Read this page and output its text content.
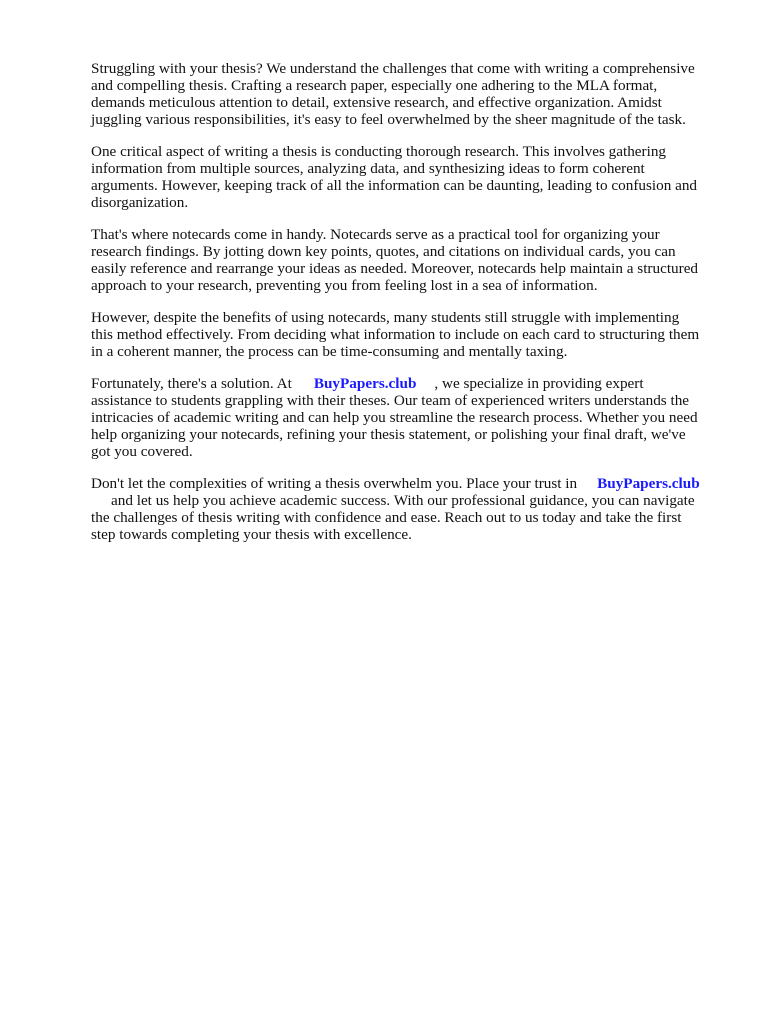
Struggling with your thesis? We understand the challenges that come with writing a comprehensive
and compelling thesis. Crafting a research paper, especially one adhering to the MLA format,
demands meticulous attention to detail, extensive research, and effective organization. Amidst
juggling various responsibilities, it's easy to feel overwhelmed by the sheer magnitude of the task.

One critical aspect of writing a thesis is conducting thorough research. This involves gathering
information from multiple sources, analyzing data, and synthesizing ideas to form coherent
arguments. However, keeping track of all the information can be daunting, leading to confusion and
disorganization.

That's where notecards come in handy. Notecards serve as a practical tool for organizing your
research findings. By jotting down key points, quotes, and citations on individual cards, you can
easily reference and rearrange your ideas as needed. Moreover, notecards help maintain a structured
approach to your research, preventing you from feeling lost in a sea of information.

However, despite the benefits of using notecards, many students still struggle with implementing
this method effectively. From deciding what information to include on each card to structuring them
in a coherent manner, the process can be time-consuming and mentally taxing.

Fortunately, there's a solution. At BuyPapers.club , we specialize in providing expert
assistance to students grappling with their theses. Our team of experienced writers understands the
intricacies of academic writing and can help you streamline the research process. Whether you need
help organizing your notecards, refining your thesis statement, or polishing your final draft, we've
got you covered.

Don't let the complexities of writing a thesis overwhelm you. Place your trust in BuyPapers.club
and let us help you achieve academic success. With our professional guidance, you can navigate
the challenges of thesis writing with confidence and ease. Reach out to us today and take the first
step towards completing your thesis with excellence.
